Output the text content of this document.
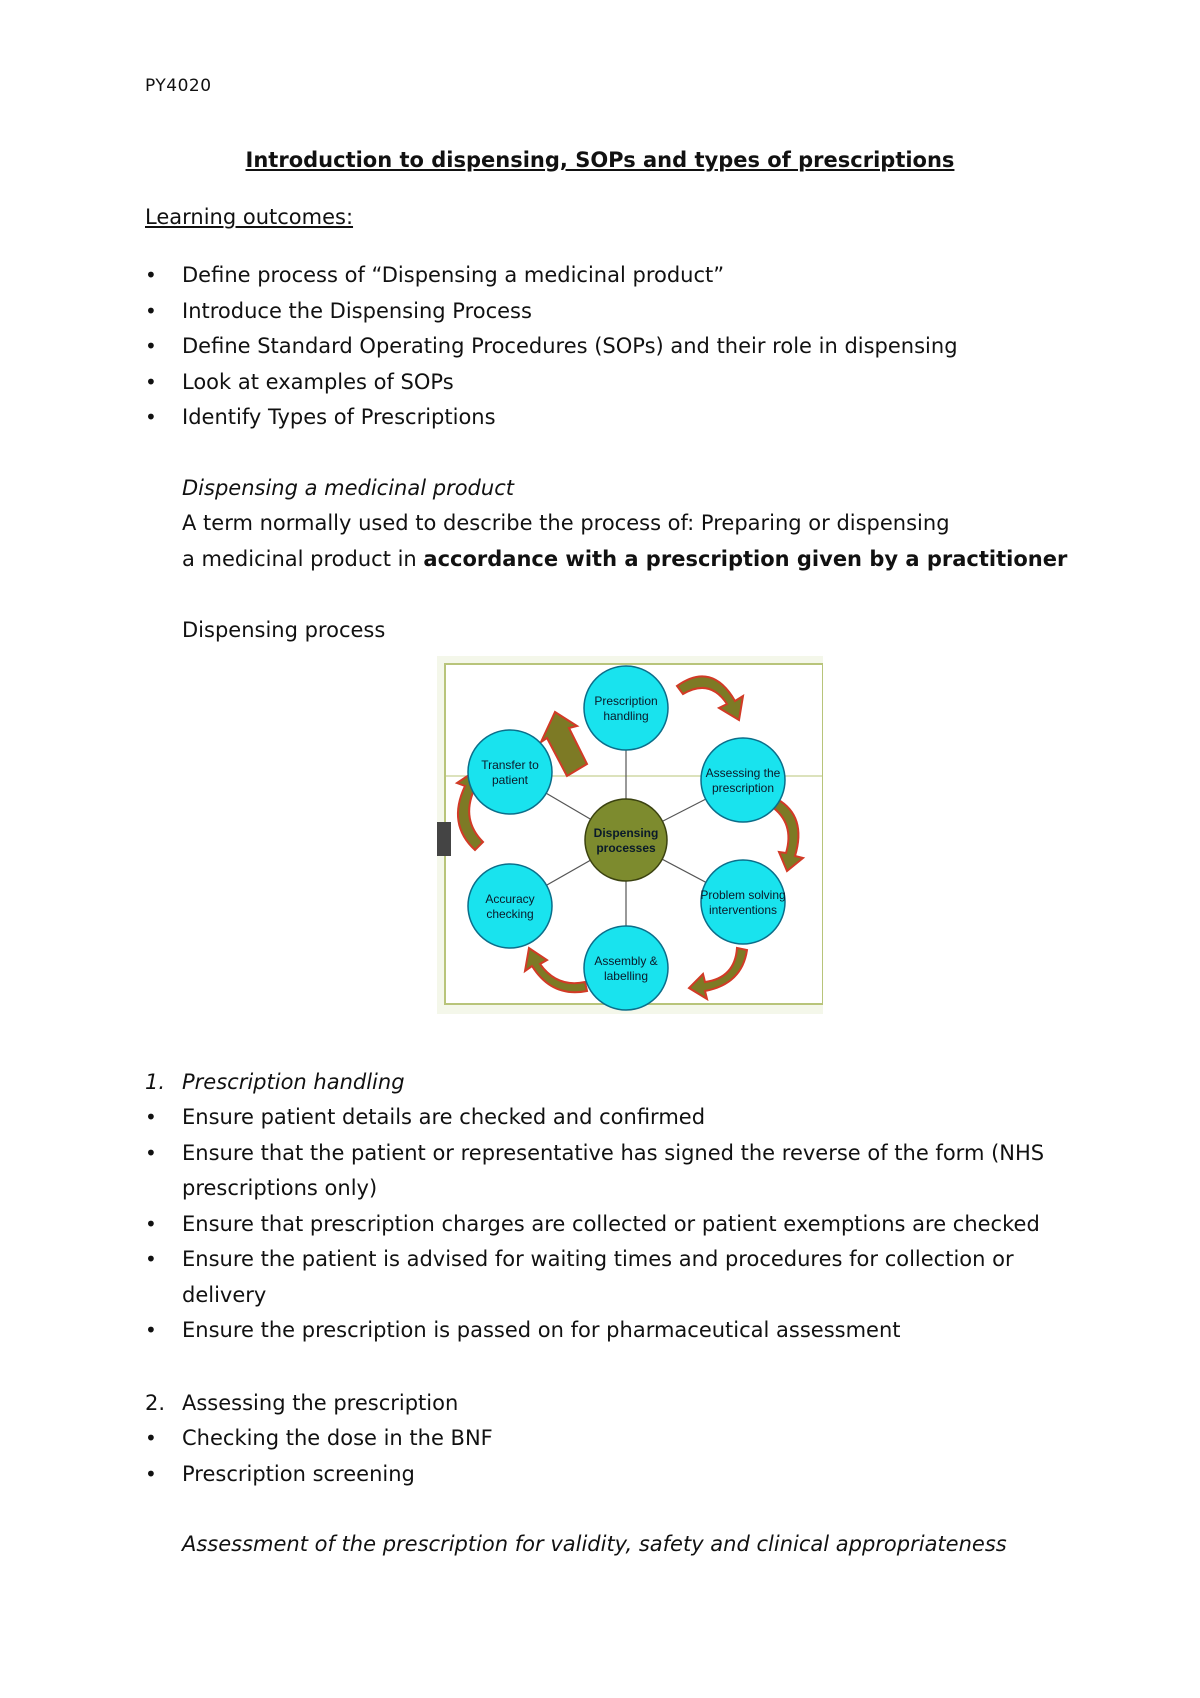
PY4020
Introduction to dispensing, SOPs and types of prescriptions
Learning outcomes:
• Define process of “Dispensing a medicinal product”
• Introduce the Dispensing Process
• Define Standard Operating Procedures (SOPs) and their role in dispensing
• Look at examples of SOPs
• Identify Types of Prescriptions
Dispensing a medicinal product
A term normally used to describe the process of: Preparing or dispensing
a medicinal product in accordance with a prescription given by a practitioner
Dispensing process
Dispensing processes
Prescription handling
Assessing the prescription
Problem solving interventions
Assembly & labelling
Accuracy checking
Transfer to patient
1. Prescription handling
• Ensure patient details are checked and confirmed
• Ensure that the patient or representative has signed the reverse of the form (NHS prescriptions only)
• Ensure that prescription charges are collected or patient exemptions are checked
• Ensure the patient is advised for waiting times and procedures for collection or delivery
• Ensure the prescription is passed on for pharmaceutical assessment
2. Assessing the prescription
• Checking the dose in the BNF
• Prescription screening
Assessment of the prescription for validity, safety and clinical appropriateness
